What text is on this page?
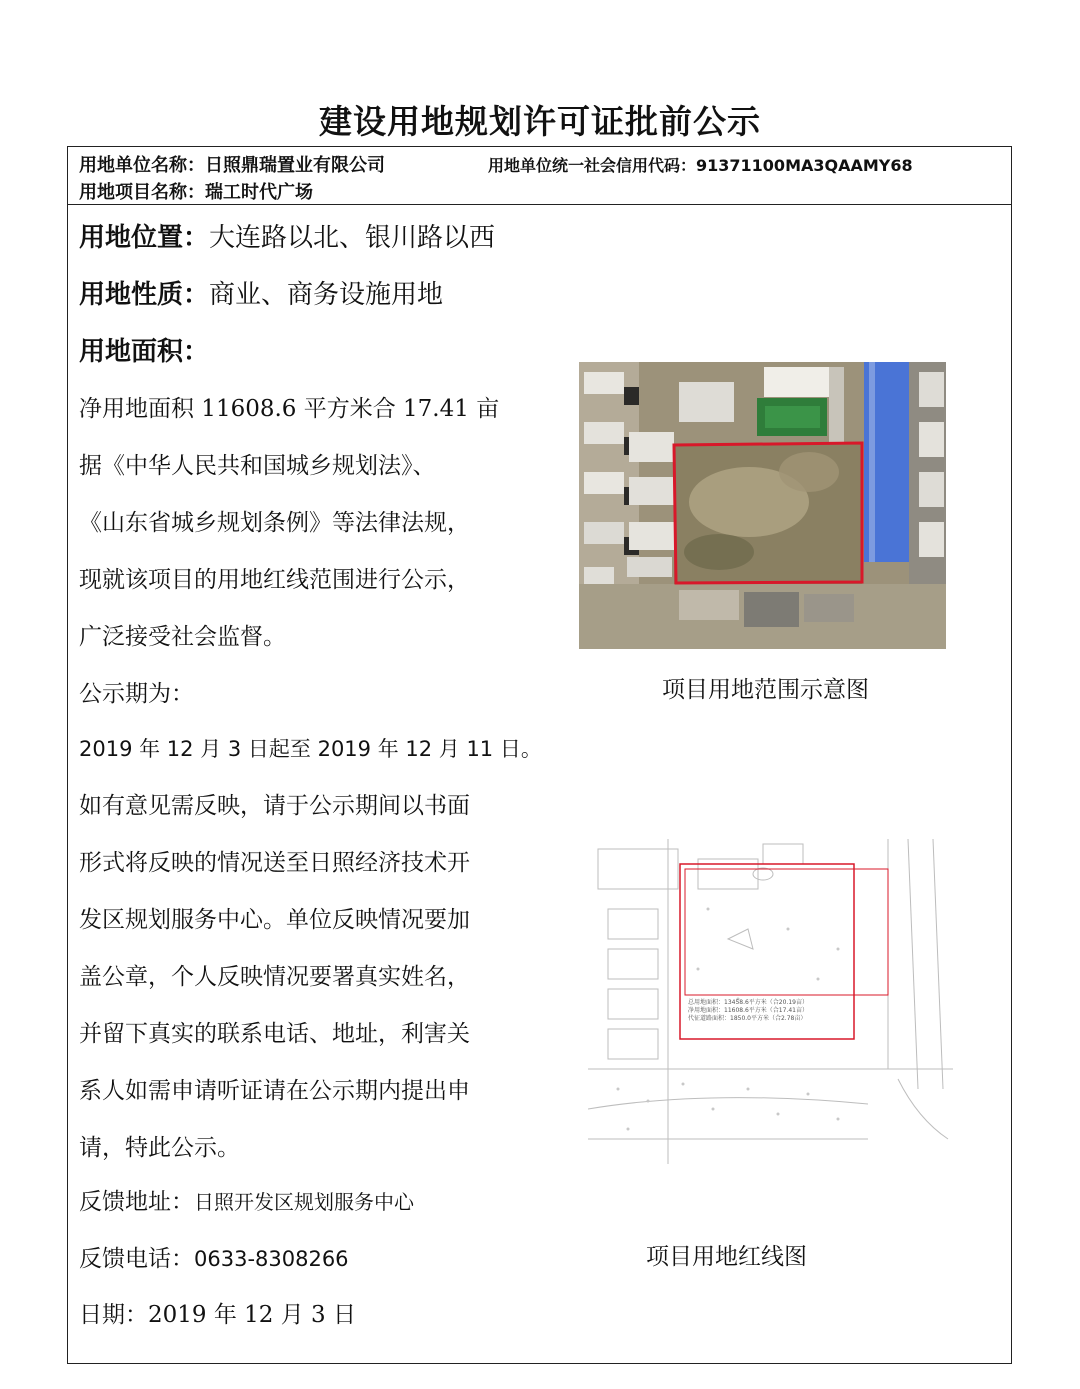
建设用地规划许可证批前公示
用地单位名称：日照鼎瑞置业有限公司	用地单位统一社会信用代码：91371100MA3QAAMY68
用地项目名称：瑞工时代广场
用地位置：大连路以北、银川路以西
用地性质：商业、商务设施用地
用地面积：
净用地面积 11608.6 平方米合 17.41 亩
据《中华人民共和国城乡规划法》、
《山东省城乡规划条例》等法律法规，
现就该项目的用地红线范围进行公示，
广泛接受社会监督。
公示期为：
2019 年 12 月 3 日起至 2019 年 12 月 11 日。
如有意见需反映，请于公示期间以书面
形式将反映的情况送至日照经济技术开
发区规划服务中心。单位反映情况要加
盖公章，个人反映情况要署真实姓名，
并留下真实的联系电话、地址，利害关
系人如需申请听证请在公示期内提出申
请，特此公示。
反馈地址：日照开发区规划服务中心
反馈电话：0633-8308266
日期：2019 年 12 月 3 日
项目用地范围示意图
总用地面积：13458.6平方米（合20.19亩）
净用地面积：11608.6平方米（合17.41亩）
代征道路面积：1850.0平方米（合2.78亩）
项目用地红线图
